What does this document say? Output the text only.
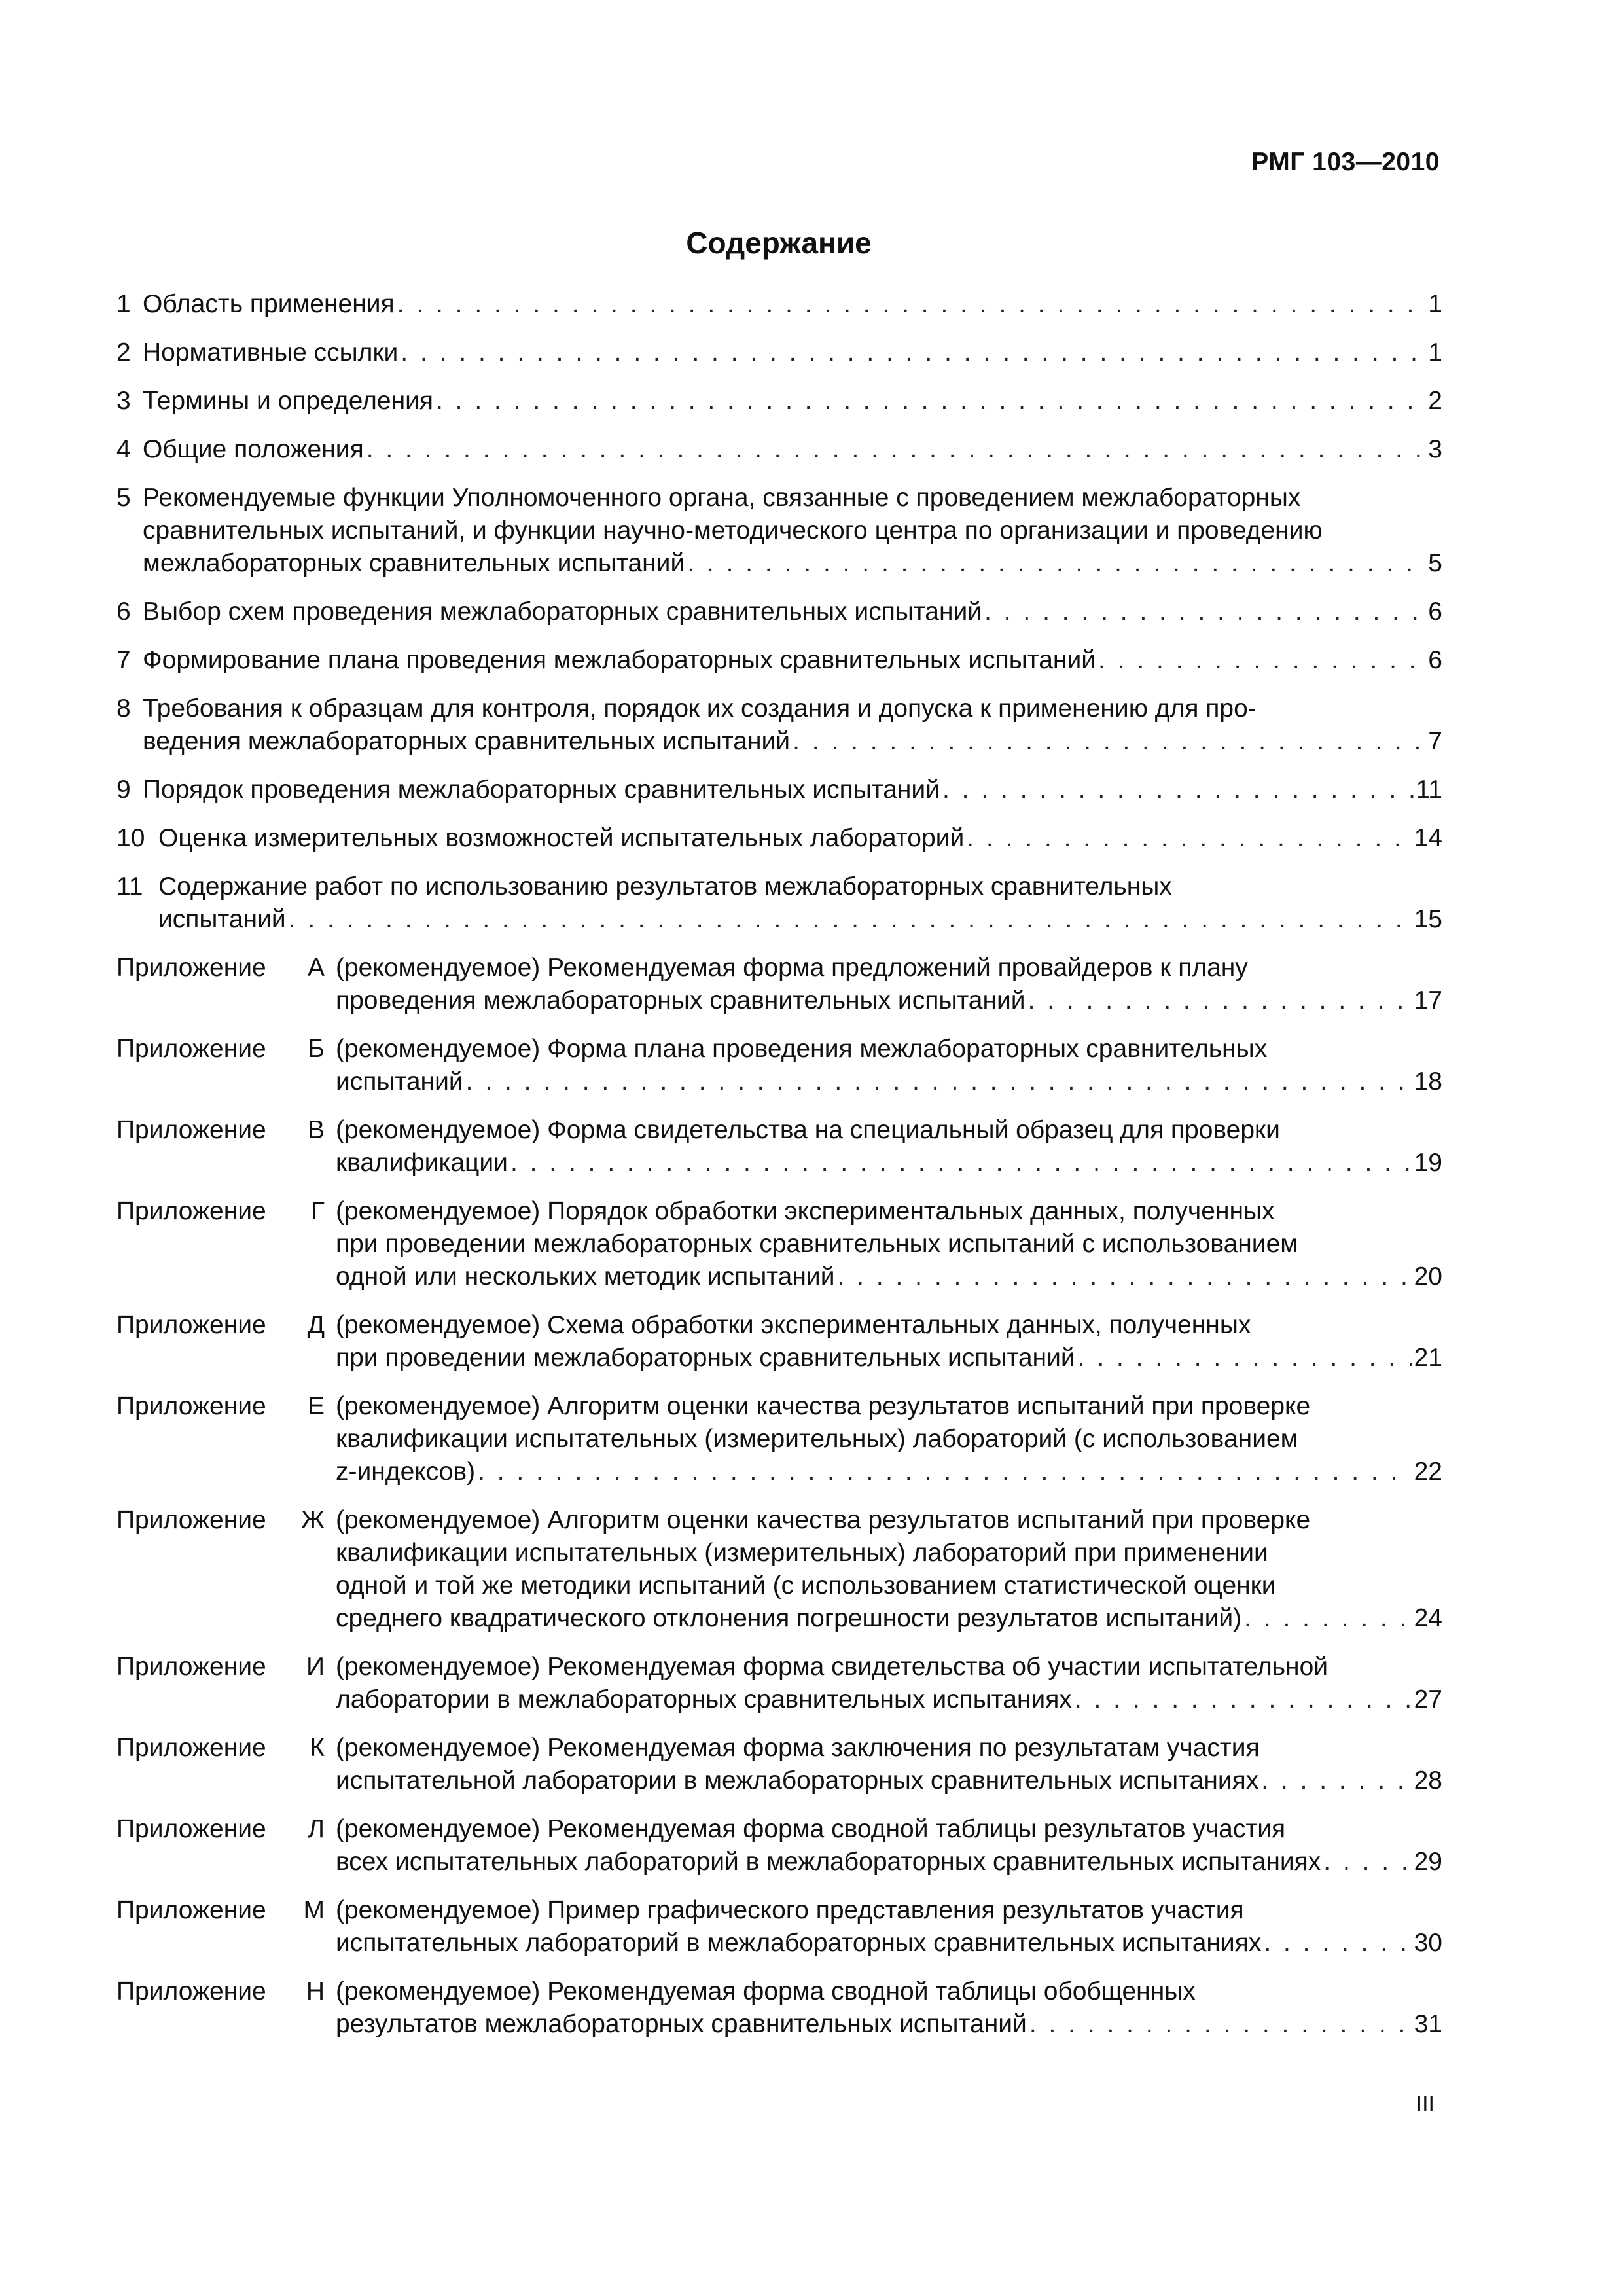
РМГ 103—2010
Содержание
1 Область применения . . .	1
2 Нормативные ссылки . . .	1
3 Термины и определения . . .	2
4 Общие положения . . .	3
5 Рекомендуемые функции Уполномоченного органа, связанные с проведением межлабораторных
сравнительных испытаний, и функции научно-методического центра по организации и проведению
межлабораторных сравнительных испытаний . . .	5
6 Выбор схем проведения межлабораторных сравнительных испытаний . . .	6
7 Формирование плана проведения межлабораторных сравнительных испытаний . . .	6
8 Требования к образцам для контроля, порядок их создания и допуска к применению для про-
ведения межлабораторных сравнительных испытаний . . .	7
9 Порядок проведения межлабораторных сравнительных испытаний . . .	11
10 Оценка измерительных возможностей испытательных лабораторий . . .	14
11 Содержание работ по использованию результатов межлабораторных сравнительных
испытаний . . .	15
Приложение А (рекомендуемое) Рекомендуемая форма предложений провайдеров к плану
проведения межлабораторных сравнительных испытаний . . .	17
Приложение Б (рекомендуемое) Форма плана проведения межлабораторных сравнительных
испытаний . . .	18
Приложение В (рекомендуемое) Форма свидетельства на специальный образец для проверки
квалификации . . .	19
Приложение Г (рекомендуемое) Порядок обработки экспериментальных данных, полученных
при проведении межлабораторных сравнительных испытаний с использованием
одной или нескольких методик испытаний . . .	20
Приложение Д (рекомендуемое) Схема обработки экспериментальных данных, полученных
при проведении межлабораторных сравнительных испытаний . . .	21
Приложение Е (рекомендуемое) Алгоритм оценки качества результатов испытаний при проверке
квалификации испытательных (измерительных) лабораторий (с использованием
z-индексов) . . .	22
Приложение Ж (рекомендуемое) Алгоритм оценки качества результатов испытаний при проверке
квалификации испытательных (измерительных) лабораторий при применении
одной и той же методики испытаний (с использованием статистической оценки
среднего квадратического отклонения погрешности результатов испытаний) . . .	24
Приложение И (рекомендуемое) Рекомендуемая форма свидетельства об участии испытательной
лаборатории в межлабораторных сравнительных испытаниях . . .	27
Приложение К (рекомендуемое) Рекомендуемая форма заключения по результатам участия
испытательной лаборатории в межлабораторных сравнительных испытаниях . . .	28
Приложение Л (рекомендуемое) Рекомендуемая форма сводной таблицы результатов участия
всех испытательных лабораторий в межлабораторных сравнительных испытаниях . . .	29
Приложение М (рекомендуемое) Пример графического представления результатов участия
испытательных лабораторий в межлабораторных сравнительных испытаниях . . .	30
Приложение Н (рекомендуемое) Рекомендуемая форма сводной таблицы обобщенных
результатов межлабораторных сравнительных испытаний . . .	31
III
